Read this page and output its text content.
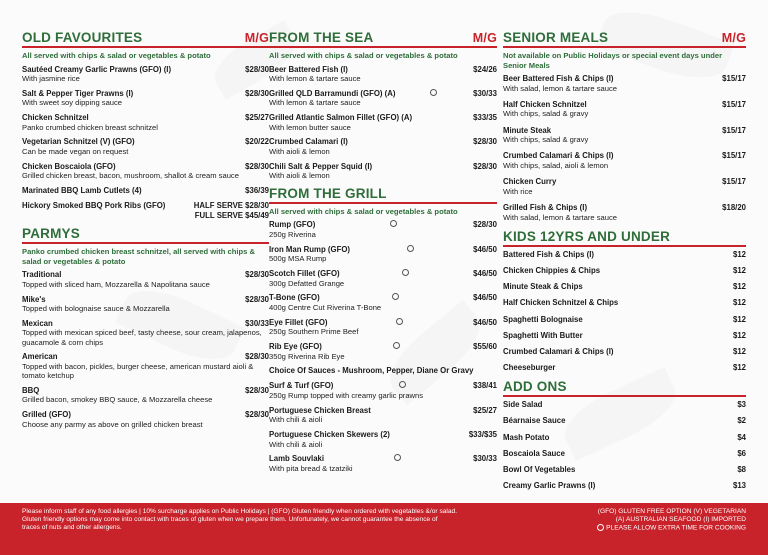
OLD FAVOURITES	M/G
All served with chips & salad or vegetables & potato
Sautéed Creamy Garlic Prawns (GFO) (I)	$28/30
With jasmine rice
Salt & Pepper Tiger Prawns (I)	$28/30
With sweet soy dipping sauce
Chicken Schnitzel	$25/27
Panko crumbed chicken breast schnitzel
Vegetarian Schnitzel (V) (GFO)	$20/22
Can be made vegan on request
Chicken Boscaiola (GFO)	$28/30
Grilled chicken breast, bacon, mushroom, shallot & cream sauce
Marinated BBQ Lamb Cutlets (4)	$36/39
Hickory Smoked BBQ Pork Ribs (GFO)	HALF SERVE $28/30
FULL SERVE $45/49
PARMYS
Panko crumbed chicken breast schnitzel, all served with chips & salad or vegetables & potato
Traditional	$28/30
Topped with sliced ham, Mozzarella & Napolitana sauce
Mike's	$28/30
Topped with bolognaise sauce & Mozzarella
Mexican	$30/33
Topped with mexican spiced beef, tasty cheese, sour cream, jalapenos, guacamole & corn chips
American	$28/30
Topped with bacon, pickles, burger cheese, american mustard aioli & tomato ketchup
BBQ	$28/30
Grilled bacon, smokey BBQ sauce, & Mozzarella cheese
Grilled (GFO)	$28/30
Choose any parmy as above on grilled chicken breast
FROM THE SEA	M/G
All served with chips & salad or vegetables & potato
Beer Battered Fish (I)	$24/26
With lemon & tartare sauce
Grilled QLD Barramundi (GFO) (A)	$30/33
With lemon & tartare sauce
Grilled Atlantic Salmon Fillet (GFO) (A)	$33/35
With lemon butter sauce
Crumbed Calamari (I)	$28/30
With aioli & lemon
Chili Salt & Pepper Squid (I)	$28/30
With aioli & lemon
FROM THE GRILL
All served with chips & salad or vegetables & potato
Rump (GFO)	$28/30
250g Riverina
Iron Man Rump (GFO)	$46/50
500g MSA Rump
Scotch Fillet (GFO)	$46/50
300g Defatted Grange
T-Bone (GFO)	$46/50
400g Centre Cut Riverina T-Bone
Eye Fillet (GFO)	$46/50
250g Southern Prime Beef
Rib Eye (GFO)	$55/60
350g Riverina Rib Eye
Choice Of Sauces - Mushroom, Pepper, Diane Or Gravy
Surf & Turf (GFO)	$38/41
250g Rump topped with creamy garlic prawns
Portuguese Chicken Breast	$25/27
With chili & aioli
Portuguese Chicken Skewers (2)	$33/$35
With chili & aioli
Lamb Souvlaki	$30/33
With pita bread & tzatziki
SENIOR MEALS	M/G
Not available on Public Holidays or special event days under Senior Meals
Beer Battered Fish & Chips (I)	$15/17
With salad, lemon & tartare sauce
Half Chicken Schnitzel	$15/17
With chips, salad & gravy
Minute Steak	$15/17
With chips, salad & gravy
Crumbed Calamari & Chips (I)	$15/17
With chips, salad, aioli & lemon
Chicken Curry	$15/17
With rice
Grilled Fish & Chips (I)	$18/20
With salad, lemon & tartare sauce
KIDS 12YRS AND UNDER
Battered Fish & Chips (I)	$12
Chicken Chippies & Chips	$12
Minute Steak & Chips	$12
Half Chicken Schnitzel & Chips	$12
Spaghetti Bolognaise	$12
Spaghetti With Butter	$12
Crumbed Calamari & Chips (I)	$12
Cheeseburger	$12
ADD ONS
Side Salad	$3
Béarnaise Sauce	$2
Mash Potato	$4
Boscaiola Sauce	$6
Bowl Of Vegetables	$8
Creamy Garlic Prawns (I)	$13
Please inform staff of any food allergies | 10% surcharge applies on Public Holidays | (GFO) Gluten friendly when ordered with vegetables &/or salad.
Gluten friendly options may come into contact with traces of gluten when we prepare them. Unfortunately, we cannot guarantee the absence of
traces of nuts and other allergens.
(GFO) GLUTEN FREE OPTION (V) VEGETARIAN
(A) AUSTRALIAN SEAFOOD (I) IMPORTED
PLEASE ALLOW EXTRA TIME FOR COOKING
